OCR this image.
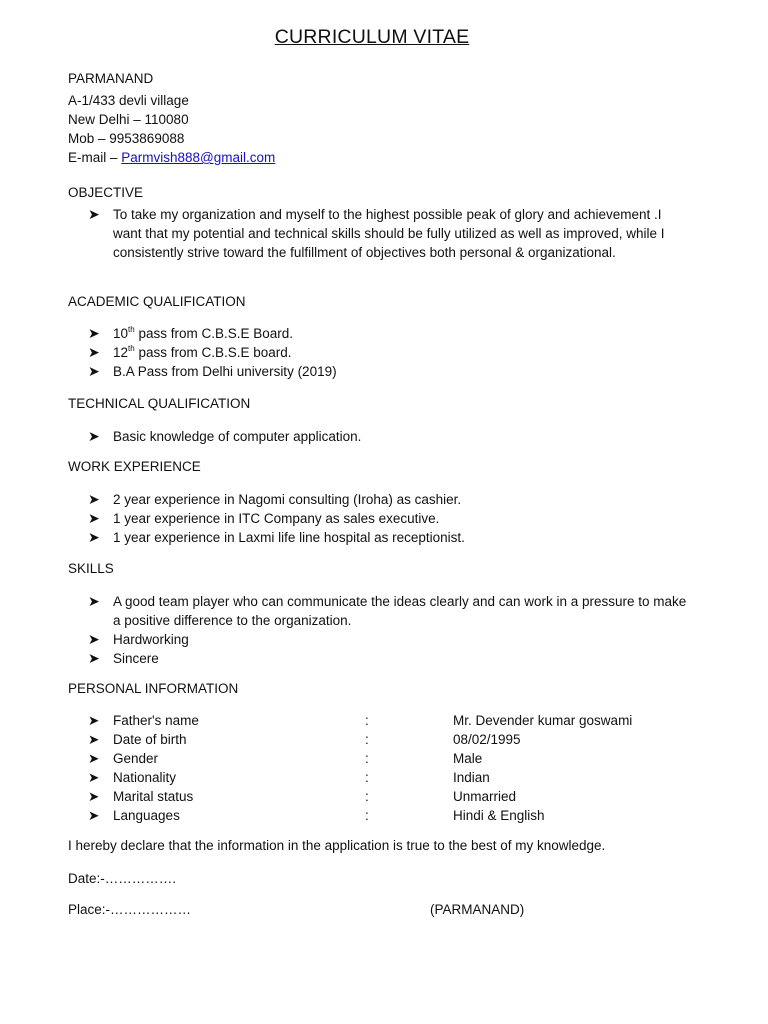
CURRICULUM VITAE
PARMANAND
A-1/433 devli village
New Delhi – 110080
Mob – 9953869088
E-mail – Parmvish888@gmail.com
OBJECTIVE
➤ To take my organization and myself to the highest possible peak of glory and achievement .I want that my potential and technical skills should be fully utilized as well as improved, while I consistently strive toward the fulfillment of objectives both personal & organizational.
ACADEMIC QUALIFICATION
➤ 10th pass from C.B.S.E Board.
➤ 12th pass from C.B.S.E board.
➤ B.A Pass from Delhi university (2019)
TECHNICAL QUALIFICATION
➤ Basic knowledge of computer application.
WORK EXPERIENCE
➤ 2 year experience in Nagomi consulting (Iroha) as cashier.
➤ 1 year experience in ITC Company as sales executive.
➤ 1 year experience in Laxmi life line hospital as receptionist.
SKILLS
➤ A good team player who can communicate the ideas clearly and can work in a pressure to make a positive difference to the organization.
➤ Hardworking
➤ Sincere
PERSONAL INFORMATION
➤ Father's name	:	Mr. Devender kumar goswami

➤ Date of birth	:	08/02/1995

➤ Gender	:	Male

➤ Nationality	:	Indian

➤ Marital status	:	Unmarried

➤ Languages	:	Hindi & English
I hereby declare that the information in the application is true to the best of my knowledge.
Date:-…………….
Place:-………………	(PARMANAND)
